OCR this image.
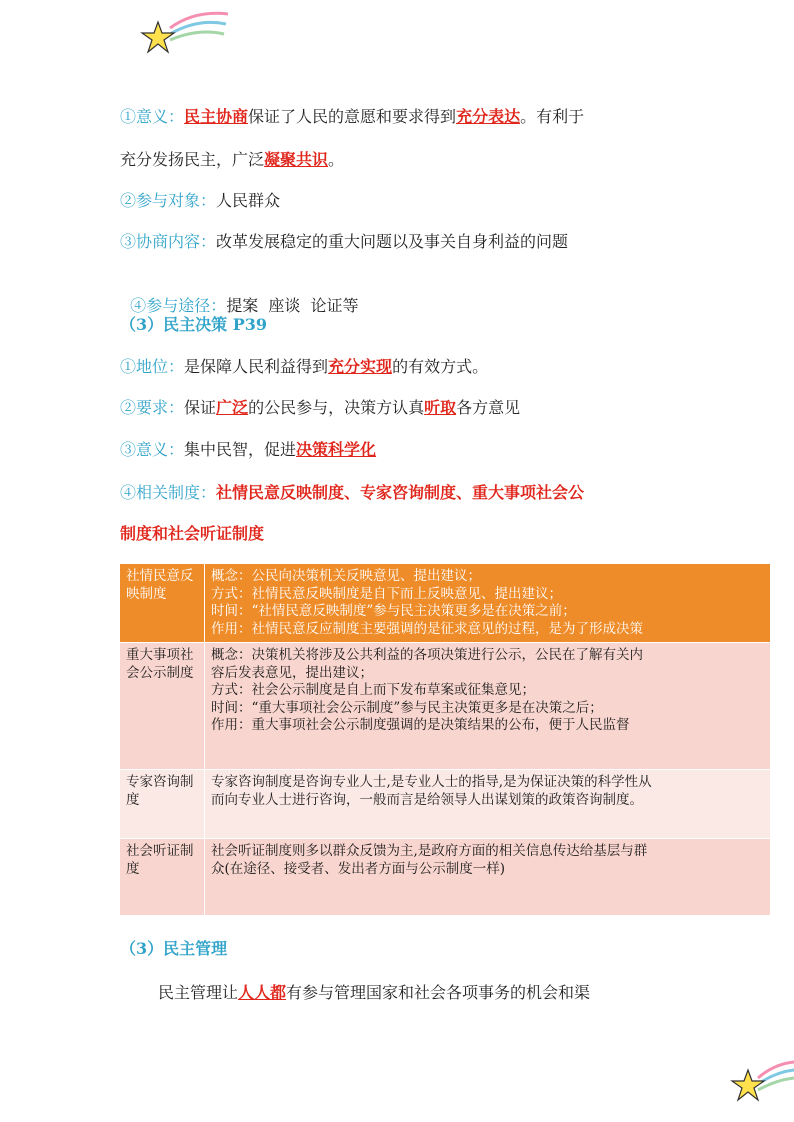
①意义：民主协商保证了人民的意愿和要求得到充分表达。有利于
充分发扬民主，广泛凝聚共识。
②参与对象：人民群众
③协商内容：改革发展稳定的重大问题以及事关自身利益的问题

④参与途径：提案  座谈  论证等

（3）民主决策 P39
①地位：是保障人民利益得到充分实现的有效方式。
②要求：保证广泛的公民参与，决策方认真听取各方意见
③意义：集中民智，促进决策科学化
④相关制度：社情民意反映制度、专家咨询制度、重大事项社会公
制度和社会听证制度
社情民意反映制度	概念：公民向决策机关反映意见、提出建议；
方式：社情民意反映制度是自下而上反映意见、提出建议；
时间：“社情民意反映制度”参与民主决策更多是在决策之前；
作用：社情民意反应制度主要强调的是征求意见的过程，是为了形成决策

重大事项社会公示制度	概念：决策机关将涉及公共利益的各项决策进行公示，公民在了解有关内
容后发表意见，提出建议；
方式：社会公示制度是自上而下发布草案或征集意见；
时间：“重大事项社会公示制度”参与民主决策更多是在决策之后；
作用：重大事项社会公示制度强调的是决策结果的公布，便于人民监督

专家咨询制度	专家咨询制度是咨询专业人士,是专业人士的指导,是为保证决策的科学性从
而向专业人士进行咨询，一般而言是给领导人出谋划策的政策咨询制度。

社会听证制度	社会听证制度则多以群众反馈为主,是政府方面的相关信息传达给基层与群
众(在途径、接受者、发出者方面与公示制度一样)
（3）民主管理
民主管理让人人都有参与管理国家和社会各项事务的机会和渠
